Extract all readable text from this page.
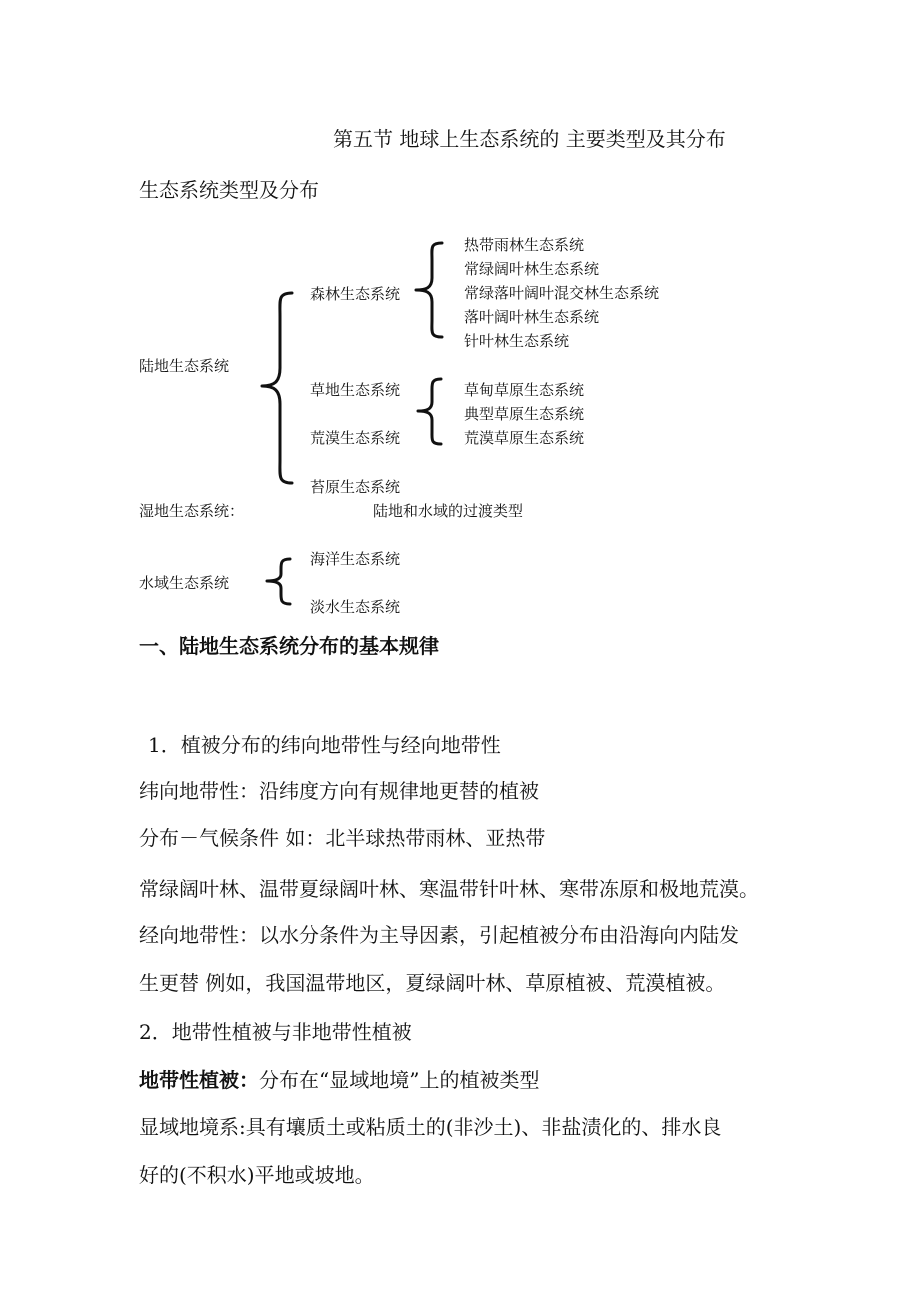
第五节 地球上生态系统的 主要类型及其分布
生态系统类型及分布
热带雨林生态系统
常绿阔叶林生态系统
常绿落叶阔叶混交林生态系统
落叶阔叶林生态系统
针叶林生态系统
森林生态系统
陆地生态系统
草地生态系统
荒漠生态系统
草甸草原生态系统
典型草原生态系统
荒漠草原生态系统
苔原生态系统
湿地生态系统：	陆地和水域的过渡类型
海洋生态系统
水域生态系统
淡水生态系统
一、陆地生态系统分布的基本规律
1．植被分布的纬向地带性与经向地带性
纬向地带性：沿纬度方向有规律地更替的植被
分布－气候条件 如：北半球热带雨林、亚热带
常绿阔叶林、温带夏绿阔叶林、寒温带针叶林、寒带冻原和极地荒漠。
经向地带性：以水分条件为主导因素，引起植被分布由沿海向内陆发
生更替 例如，我国温带地区，夏绿阔叶林、草原植被、荒漠植被。
2．地带性植被与非地带性植被
地带性植被：分布在“显域地境”上的植被类型
显域地境系:具有壤质土或粘质土的(非沙土)、非盐渍化的、排水良
好的(不积水)平地或坡地。
